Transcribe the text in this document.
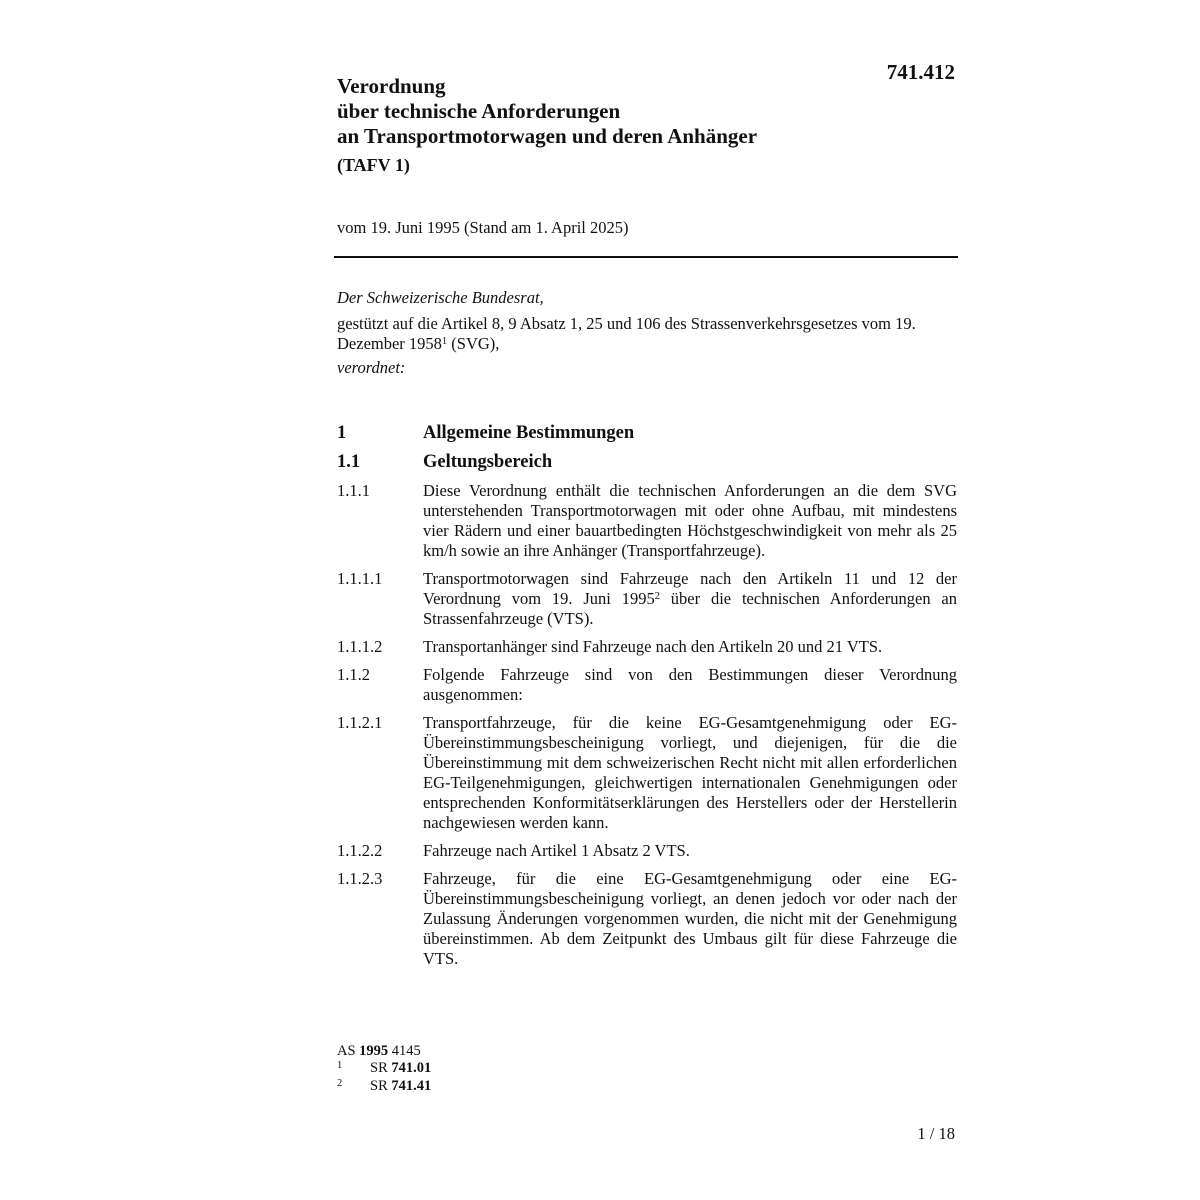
741.412
Verordnung
über technische Anforderungen
an Transportmotorwagen und deren Anhänger
(TAFV 1)
vom 19. Juni 1995 (Stand am 1. April 2025)
Der Schweizerische Bundesrat,
gestützt auf die Artikel 8, 9 Absatz 1, 25 und 106 des Strassenverkehrsgesetzes vom 19. Dezember 1958$^1$ (SVG),
verordnet:
1	Allgemeine Bestimmungen
1.1	Geltungsbereich
1.1.1	Diese Verordnung enthält die technischen Anforderungen an die dem SVG unterstehenden Transportmotorwagen mit oder ohne Aufbau, mit mindestens vier Rädern und einer bauartbedingten Höchstgeschwindigkeit von mehr als 25 km/h sowie an ihre Anhänger (Transportfahrzeuge).
1.1.1.1	Transportmotorwagen sind Fahrzeuge nach den Artikeln 11 und 12 der Verordnung vom 19. Juni 1995$^2$ über die technischen Anforderungen an Strassenfahrzeuge (VTS).
1.1.1.2	Transportanhänger sind Fahrzeuge nach den Artikeln 20 und 21 VTS.
1.1.2	Folgende Fahrzeuge sind von den Bestimmungen dieser Verordnung ausgenommen:
1.1.2.1	Transportfahrzeuge, für die keine EG-Gesamtgenehmigung oder EG-Übereinstimmungsbescheinigung vorliegt, und diejenigen, für die die Übereinstimmung mit dem schweizerischen Recht nicht mit allen erforderlichen EG-Teilgenehmigungen, gleichwertigen internationalen Genehmigungen oder entsprechenden Konformitätserklärungen des Herstellers oder der Herstellerin nachgewiesen werden kann.
1.1.2.2	Fahrzeuge nach Artikel 1 Absatz 2 VTS.
1.1.2.3	Fahrzeuge, für die eine EG-Gesamtgenehmigung oder eine EG-Übereinstimmungsbescheinigung vorliegt, an denen jedoch vor oder nach der Zulassung Änderungen vorgenommen wurden, die nicht mit der Genehmigung übereinstimmen. Ab dem Zeitpunkt des Umbaus gilt für diese Fahrzeuge die VTS.
AS 1995 4145
1	SR 741.01
2	SR 741.41
1 / 18
